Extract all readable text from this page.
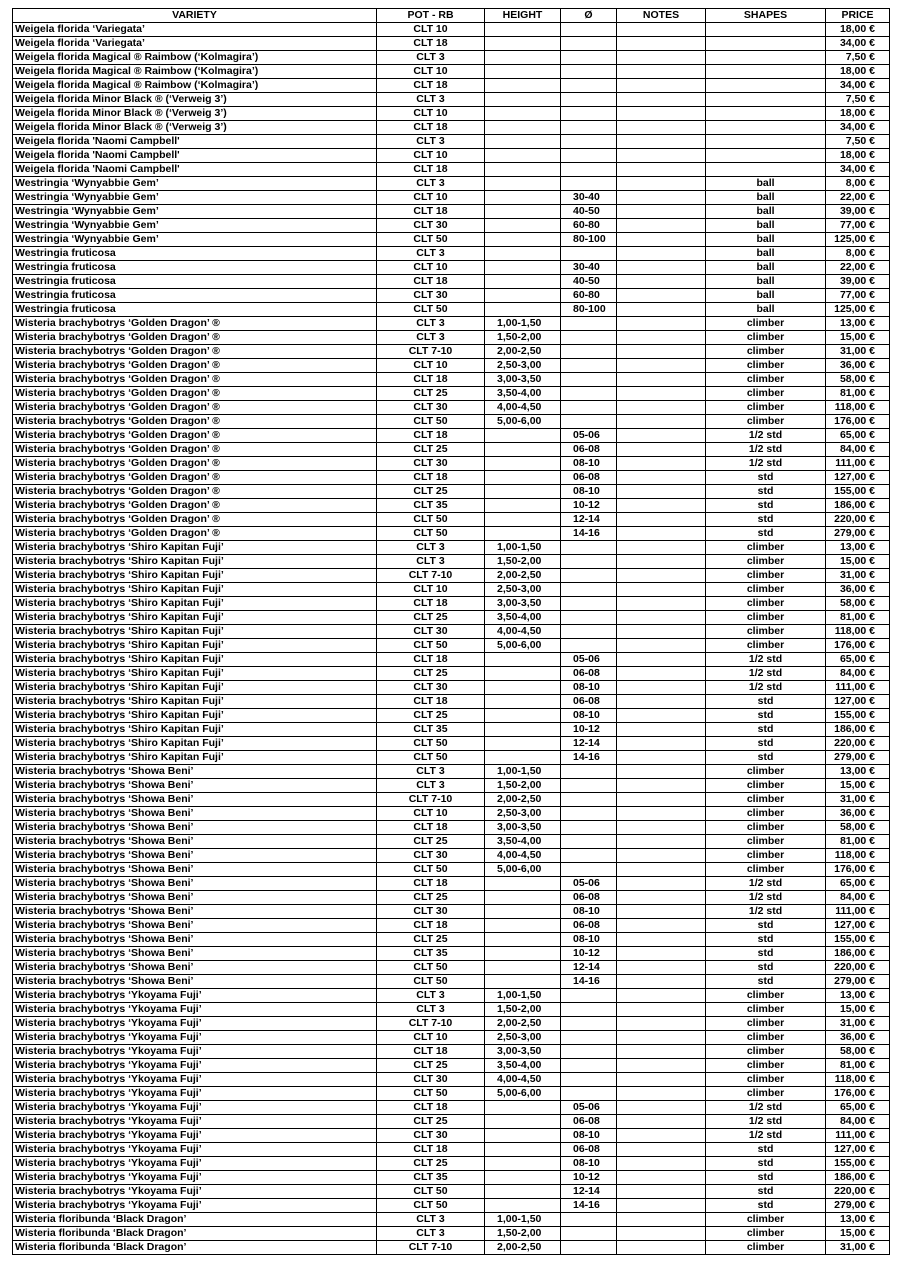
VARIETY	POT - RB	HEIGHT	Ø	NOTES	SHAPES	PRICE
Weigela florida ‘Variegata’	CLT 10					18,00 €
Weigela florida ‘Variegata’	CLT 18					34,00 €
Weigela florida Magical ® Raimbow (‘Kolmagira’)	CLT 3					7,50 €
Weigela florida Magical ® Raimbow (‘Kolmagira’)	CLT 10					18,00 €
Weigela florida Magical ® Raimbow (‘Kolmagira’)	CLT 18					34,00 €
Weigela florida Minor Black ® (‘Verweig 3’)	CLT 3					7,50 €
Weigela florida Minor Black ® (‘Verweig 3’)	CLT 10					18,00 €
Weigela florida Minor Black ® (‘Verweig 3’)	CLT 18					34,00 €
Weigela florida 'Naomi Campbell'	CLT 3					7,50 €
Weigela florida 'Naomi Campbell'	CLT 10					18,00 €
Weigela florida 'Naomi Campbell'	CLT 18					34,00 €
Westringia ‘Wynyabbie Gem’	CLT 3				ball	8,00 €
Westringia ‘Wynyabbie Gem’	CLT 10		30-40		ball	22,00 €
Westringia ‘Wynyabbie Gem’	CLT 18		40-50		ball	39,00 €
Westringia ‘Wynyabbie Gem’	CLT 30		60-80		ball	77,00 €
Westringia ‘Wynyabbie Gem’	CLT 50		80-100		ball	125,00 €
Westringia fruticosa	CLT 3				ball	8,00 €
Westringia fruticosa	CLT 10		30-40		ball	22,00 €
Westringia fruticosa	CLT 18		40-50		ball	39,00 €
Westringia fruticosa	CLT 30		60-80		ball	77,00 €
Westringia fruticosa	CLT 50		80-100		ball	125,00 €
Wisteria brachybotrys ‘Golden Dragon’ ®	CLT 3	1,00-1,50			climber	13,00 €
Wisteria brachybotrys ‘Golden Dragon’ ®	CLT 3	1,50-2,00			climber	15,00 €
Wisteria brachybotrys ‘Golden Dragon’ ®	CLT 7-10	2,00-2,50			climber	31,00 €
Wisteria brachybotrys ‘Golden Dragon’ ®	CLT 10	2,50-3,00			climber	36,00 €
Wisteria brachybotrys ‘Golden Dragon’ ®	CLT 18	3,00-3,50			climber	58,00 €
Wisteria brachybotrys ‘Golden Dragon’ ®	CLT 25	3,50-4,00			climber	81,00 €
Wisteria brachybotrys ‘Golden Dragon’ ®	CLT 30	4,00-4,50			climber	118,00 €
Wisteria brachybotrys ‘Golden Dragon’ ®	CLT 50	5,00-6,00			climber	176,00 €
Wisteria brachybotrys ‘Golden Dragon’ ®	CLT 18		05-06		1/2 std	65,00 €
Wisteria brachybotrys ‘Golden Dragon’ ®	CLT 25		06-08		1/2 std	84,00 €
Wisteria brachybotrys ‘Golden Dragon’ ®	CLT 30		08-10		1/2 std	111,00 €
Wisteria brachybotrys ‘Golden Dragon’ ®	CLT 18		06-08		std	127,00 €
Wisteria brachybotrys ‘Golden Dragon’ ®	CLT 25		08-10		std	155,00 €
Wisteria brachybotrys ‘Golden Dragon’ ®	CLT 35		10-12		std	186,00 €
Wisteria brachybotrys ‘Golden Dragon’ ®	CLT 50		12-14		std	220,00 €
Wisteria brachybotrys ‘Golden Dragon’ ®	CLT 50		14-16		std	279,00 €
Wisteria brachybotrys ‘Shiro Kapitan Fuji’	CLT 3	1,00-1,50			climber	13,00 €
Wisteria brachybotrys ‘Shiro Kapitan Fuji’	CLT 3	1,50-2,00			climber	15,00 €
Wisteria brachybotrys ‘Shiro Kapitan Fuji’	CLT 7-10	2,00-2,50			climber	31,00 €
Wisteria brachybotrys ‘Shiro Kapitan Fuji’	CLT 10	2,50-3,00			climber	36,00 €
Wisteria brachybotrys ‘Shiro Kapitan Fuji’	CLT 18	3,00-3,50			climber	58,00 €
Wisteria brachybotrys ‘Shiro Kapitan Fuji’	CLT 25	3,50-4,00			climber	81,00 €
Wisteria brachybotrys ‘Shiro Kapitan Fuji’	CLT 30	4,00-4,50			climber	118,00 €
Wisteria brachybotrys ‘Shiro Kapitan Fuji’	CLT 50	5,00-6,00			climber	176,00 €
Wisteria brachybotrys ‘Shiro Kapitan Fuji’	CLT 18		05-06		1/2 std	65,00 €
Wisteria brachybotrys ‘Shiro Kapitan Fuji’	CLT 25		06-08		1/2 std	84,00 €
Wisteria brachybotrys ‘Shiro Kapitan Fuji’	CLT 30		08-10		1/2 std	111,00 €
Wisteria brachybotrys ‘Shiro Kapitan Fuji’	CLT 18		06-08		std	127,00 €
Wisteria brachybotrys ‘Shiro Kapitan Fuji’	CLT 25		08-10		std	155,00 €
Wisteria brachybotrys ‘Shiro Kapitan Fuji’	CLT 35		10-12		std	186,00 €
Wisteria brachybotrys ‘Shiro Kapitan Fuji’	CLT 50		12-14		std	220,00 €
Wisteria brachybotrys ‘Shiro Kapitan Fuji’	CLT 50		14-16		std	279,00 €
Wisteria brachybotrys ‘Showa Beni’	CLT 3	1,00-1,50			climber	13,00 €
Wisteria brachybotrys ‘Showa Beni’	CLT 3	1,50-2,00			climber	15,00 €
Wisteria brachybotrys ‘Showa Beni’	CLT 7-10	2,00-2,50			climber	31,00 €
Wisteria brachybotrys ‘Showa Beni’	CLT 10	2,50-3,00			climber	36,00 €
Wisteria brachybotrys ‘Showa Beni’	CLT 18	3,00-3,50			climber	58,00 €
Wisteria brachybotrys ‘Showa Beni’	CLT 25	3,50-4,00			climber	81,00 €
Wisteria brachybotrys ‘Showa Beni’	CLT 30	4,00-4,50			climber	118,00 €
Wisteria brachybotrys ‘Showa Beni’	CLT 50	5,00-6,00			climber	176,00 €
Wisteria brachybotrys ‘Showa Beni’	CLT 18		05-06		1/2 std	65,00 €
Wisteria brachybotrys ‘Showa Beni’	CLT 25		06-08		1/2 std	84,00 €
Wisteria brachybotrys ‘Showa Beni’	CLT 30		08-10		1/2 std	111,00 €
Wisteria brachybotrys ‘Showa Beni’	CLT 18		06-08		std	127,00 €
Wisteria brachybotrys ‘Showa Beni’	CLT 25		08-10		std	155,00 €
Wisteria brachybotrys ‘Showa Beni’	CLT 35		10-12		std	186,00 €
Wisteria brachybotrys ‘Showa Beni’	CLT 50		12-14		std	220,00 €
Wisteria brachybotrys ‘Showa Beni’	CLT 50		14-16		std	279,00 €
Wisteria brachybotrys ‘Ykoyama Fuji’	CLT 3	1,00-1,50			climber	13,00 €
Wisteria brachybotrys ‘Ykoyama Fuji’	CLT 3	1,50-2,00			climber	15,00 €
Wisteria brachybotrys ‘Ykoyama Fuji’	CLT 7-10	2,00-2,50			climber	31,00 €
Wisteria brachybotrys ‘Ykoyama Fuji’	CLT 10	2,50-3,00			climber	36,00 €
Wisteria brachybotrys ‘Ykoyama Fuji’	CLT 18	3,00-3,50			climber	58,00 €
Wisteria brachybotrys ‘Ykoyama Fuji’	CLT 25	3,50-4,00			climber	81,00 €
Wisteria brachybotrys ‘Ykoyama Fuji’	CLT 30	4,00-4,50			climber	118,00 €
Wisteria brachybotrys ‘Ykoyama Fuji’	CLT 50	5,00-6,00			climber	176,00 €
Wisteria brachybotrys ‘Ykoyama Fuji’	CLT 18		05-06		1/2 std	65,00 €
Wisteria brachybotrys ‘Ykoyama Fuji’	CLT 25		06-08		1/2 std	84,00 €
Wisteria brachybotrys ‘Ykoyama Fuji’	CLT 30		08-10		1/2 std	111,00 €
Wisteria brachybotrys ‘Ykoyama Fuji’	CLT 18		06-08		std	127,00 €
Wisteria brachybotrys ‘Ykoyama Fuji’	CLT 25		08-10		std	155,00 €
Wisteria brachybotrys ‘Ykoyama Fuji’	CLT 35		10-12		std	186,00 €
Wisteria brachybotrys ‘Ykoyama Fuji’	CLT 50		12-14		std	220,00 €
Wisteria brachybotrys ‘Ykoyama Fuji’	CLT 50		14-16		std	279,00 €
Wisteria floribunda ‘Black Dragon’	CLT 3	1,00-1,50			climber	13,00 €
Wisteria floribunda ‘Black Dragon’	CLT 3	1,50-2,00			climber	15,00 €
Wisteria floribunda ‘Black Dragon’	CLT 7-10	2,00-2,50			climber	31,00 €
